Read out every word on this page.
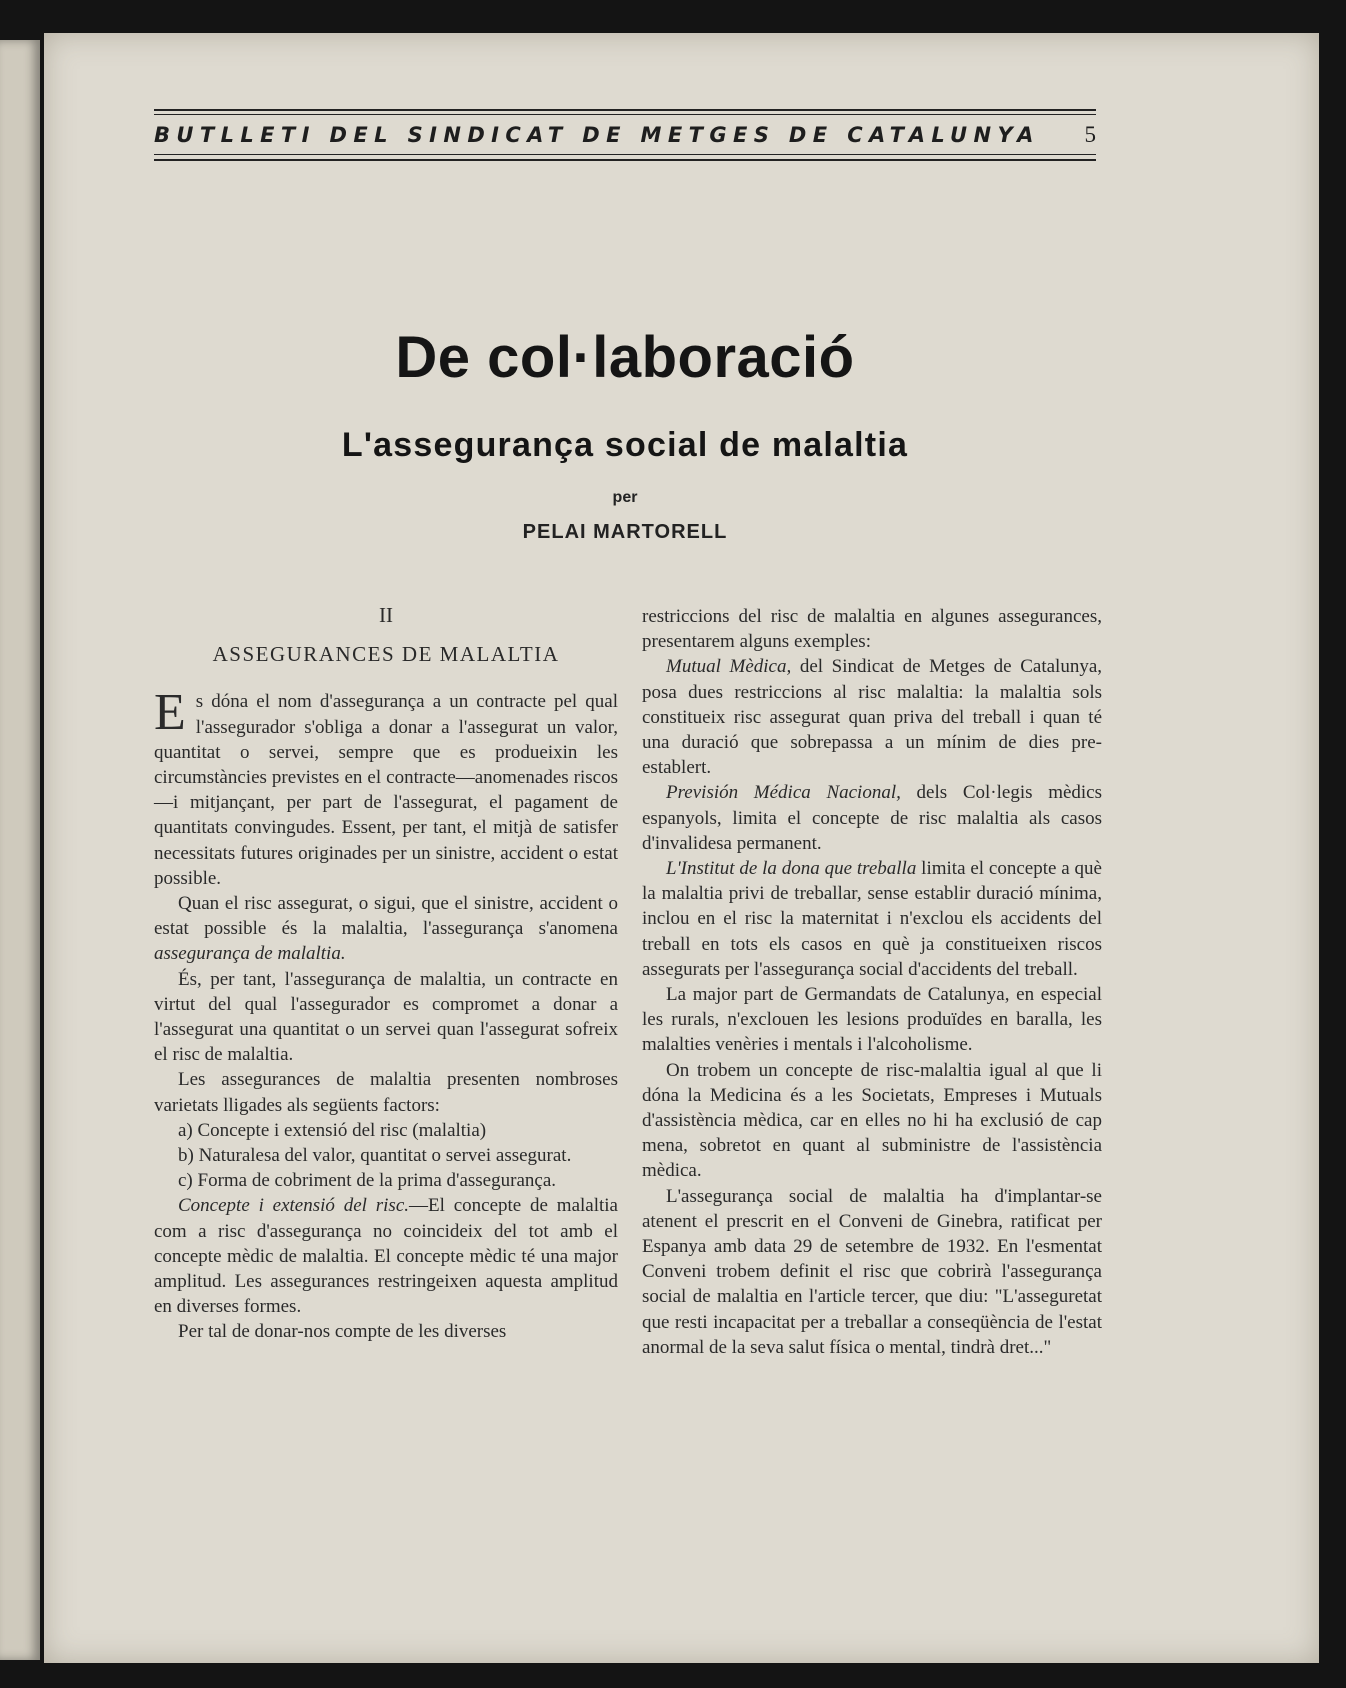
BUTLLETI DEL SINDICAT DE METGES DE CATALUNYA	5
De col·laboració
L'assegurança social de malaltia
per
PELAI MARTORELL
II
ASSEGURANCES DE MALALTIA

Es dóna el nom d'assegurança a un contracte pel qual l'assegurador s'obliga a donar a l'assegurat un valor, quantitat o servei, sempre que es produeixin les circumstàncies previstes en el contracte—anomenades riscos—i mitjançant, per part de l'assegurat, el pagament de quantitats convingudes. Essent, per tant, el mitjà de satisfer necessitats futures originades per un sinistre, accident o estat possible.

Quan el risc assegurat, o sigui, que el sinistre, accident o estat possible és la malaltia, l'assegurança s'anomena assegurança de malaltia.

És, per tant, l'assegurança de malaltia, un contracte en virtut del qual l'assegurador es compromet a donar a l'assegurat una quantitat o un servei quan l'assegurat sofreix el risc de malaltia.

Les assegurances de malaltia presenten nombroses varietats lligades als següents factors:

a) Concepte i extensió del risc (malaltia)

b) Naturalesa del valor, quantitat o servei assegurat.

c) Forma de cobriment de la prima d'assegurança.

Concepte i extensió del risc.—El concepte de malaltia com a risc d'assegurança no coincideix del tot amb el concepte mèdic de malaltia. El concepte mèdic té una major amplitud. Les assegurances restringeixen aquesta amplitud en diverses formes.

Per tal de donar-nos compte de les diverses

restriccions del risc de malaltia en algunes assegurances, presentarem alguns exemples:

Mutual Mèdica, del Sindicat de Metges de Catalunya, posa dues restriccions al risc malaltia: la malaltia sols constitueix risc assegurat quan priva del treball i quan té una duració que sobrepassa a un mínim de dies pre-establert.

Previsión Médica Nacional, dels Col·legis mèdics espanyols, limita el concepte de risc malaltia als casos d'invalidesa permanent.

L'Institut de la dona que treballa limita el concepte a què la malaltia privi de treballar, sense establir duració mínima, inclou en el risc la maternitat i n'exclou els accidents del treball en tots els casos en què ja constitueixen riscos assegurats per l'assegurança social d'accidents del treball.

La major part de Germandats de Catalunya, en especial les rurals, n'exclouen les lesions produïdes en baralla, les malalties venèries i mentals i l'alcoholisme.

On trobem un concepte de risc-malaltia igual al que li dóna la Medicina és a les Societats, Empreses i Mutuals d'assistència mèdica, car en elles no hi ha exclusió de cap mena, sobretot en quant al subministre de l'assistència mèdica.

L'assegurança social de malaltia ha d'implantar-se atenent el prescrit en el Conveni de Ginebra, ratificat per Espanya amb data 29 de setembre de 1932. En l'esmentat Conveni trobem definit el risc que cobrirà l'assegurança social de malaltia en l'article tercer, que diu: "L'asseguretat que resti incapacitat per a treballar a conseqüència de l'estat anormal de la seva salut física o mental, tindrà dret..."
